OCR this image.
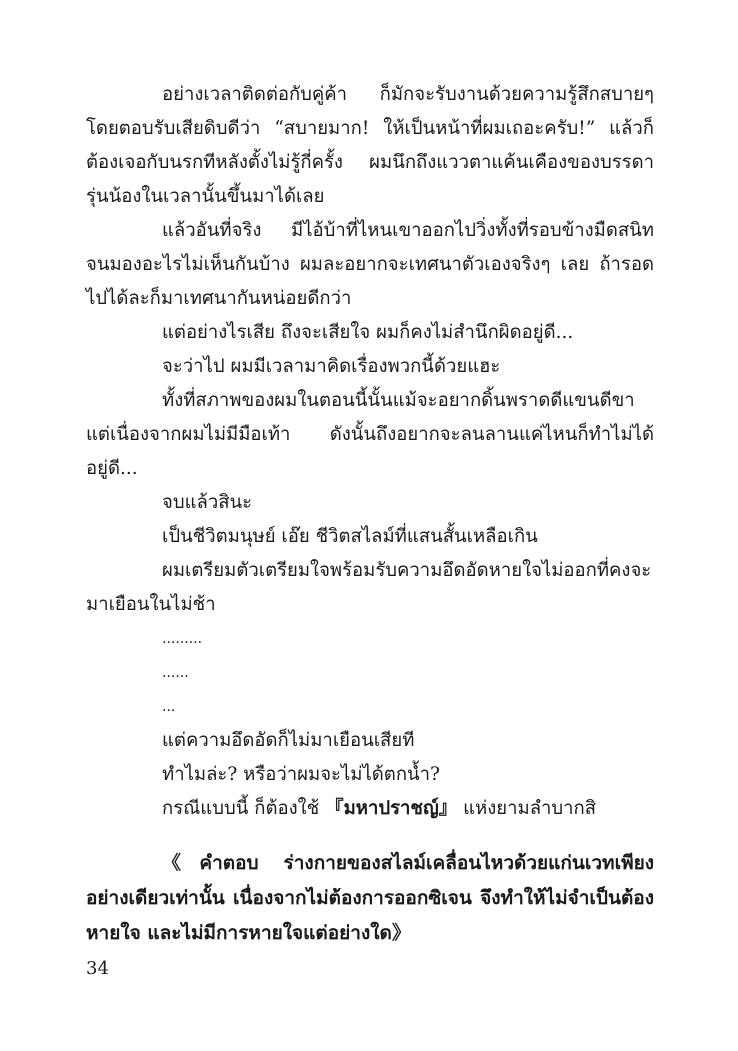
อย่างเวลาติดต่อกับคู่ค้า ก็มักจะรับงานด้วยความรู้สึกสบายๆ โดยตอบรับเสียดิบดีว่า “สบายมาก! ให้เป็นหน้าที่ผมเถอะครับ!” แล้วก็ต้องเจอกับนรกทีหลังตั้งไม่รู้กี่ครั้ง ผมนึกถึงแววตาแค้นเคืองของบรรดารุ่นน้องในเวลานั้นขึ้นมาได้เลย

แล้วอันที่จริง มีไอ้บ้าที่ไหนเขาออกไปวิ่งทั้งที่รอบข้างมืดสนิท จนมองอะไรไม่เห็นกันบ้าง ผมละอยากจะเทศนาตัวเองจริงๆ เลย ถ้ารอดไปได้ละก็มาเทศนากันหน่อยดีกว่า

แต่อย่างไรเสีย ถึงจะเสียใจ ผมก็คงไม่สำนึกผิดอยู่ดี...

จะว่าไป ผมมีเวลามาคิดเรื่องพวกนี้ด้วยแฮะ

ทั้งที่สภาพของผมในตอนนี้นั้นแม้จะอยากดิ้นพราดดีแขนดีขา แต่เนื่องจากผมไม่มีมือเท้า ดังนั้นถึงอยากจะลนลานแค่ไหนก็ทำไม่ได้อยู่ดี...

จบแล้วสินะ

เป็นชีวิตมนุษย์ เอ๊ย ชีวิตสไลม์ที่แสนสั้นเหลือเกิน

ผมเตรียมตัวเตรียมใจพร้อมรับความอึดอัดหายใจไม่ออกที่คงจะมาเยือนในไม่ช้า

.........

......

...

แต่ความอึดอัดก็ไม่มาเยือนเสียที

ทำไมล่ะ? หรือว่าผมจะไม่ได้ตกน้ำ?

กรณีแบบนี้ ก็ต้องใช้ 『มหาปราชญ์』 แห่งยามลำบากสิ

《คำตอบ ร่างกายของสไลม์เคลื่อนไหวด้วยแก่นเวทเพียงอย่างเดียวเท่านั้น เนื่องจากไม่ต้องการออกซิเจน จึงทำให้ไม่จำเป็นต้องหายใจ และไม่มีการหายใจแต่อย่างใด》

34
